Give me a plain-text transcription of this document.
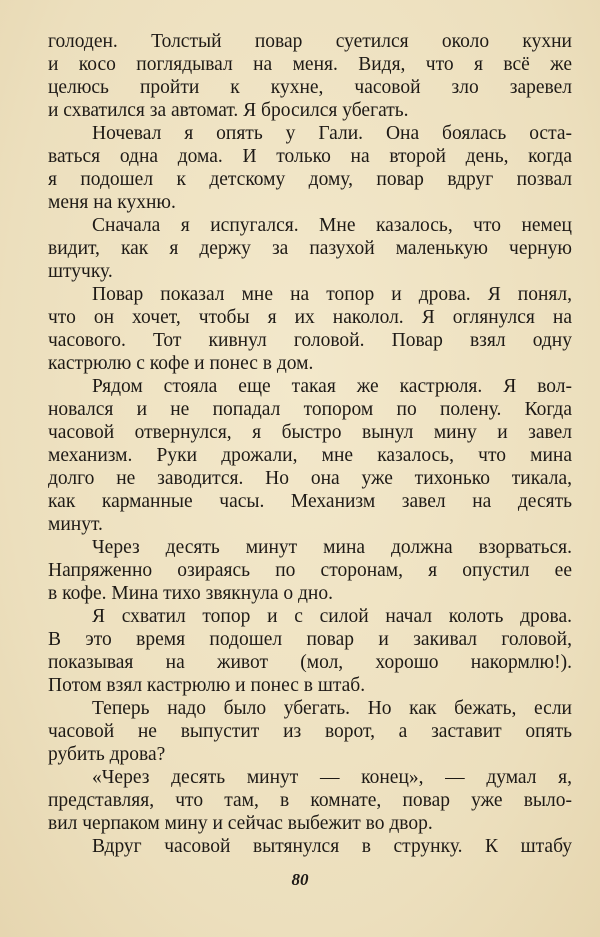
голоден. Толстый повар суетился около кухни
и косо поглядывал на меня. Видя, что я всё же
целюсь пройти к кухне, часовой зло заревел
и схватился за автомат. Я бросился убегать.
Ночевал я опять у Гали. Она боялась оста-
ваться одна дома. И только на второй день, когда
я подошел к детскому дому, повар вдруг позвал
меня на кухню.
Сначала я испугался. Мне казалось, что немец
видит, как я держу за пазухой маленькую черную
штучку.
Повар показал мне на топор и дрова. Я понял,
что он хочет, чтобы я их наколол. Я оглянулся на
часового. Тот кивнул головой. Повар взял одну
кастрюлю с кофе и понес в дом.
Рядом стояла еще такая же кастрюля. Я вол-
новался и не попадал топором по полену. Когда
часовой отвернулся, я быстро вынул мину и завел
механизм. Руки дрожали, мне казалось, что мина
долго не заводится. Но она уже тихонько тикала,
как карманные часы. Механизм завел на десять
минут.
Через десять минут мина должна взорваться.
Напряженно озираясь по сторонам, я опустил ее
в кофе. Мина тихо звякнула о дно.
Я схватил топор и с силой начал колоть дрова.
В это время подошел повар и закивал головой,
показывая на живот (мол, хорошо накормлю!).
Потом взял кастрюлю и понес в штаб.
Теперь надо было убегать. Но как бежать, если
часовой не выпустит из ворот, а заставит опять
рубить дрова?
«Через десять минут — конец», — думал я,
представляя, что там, в комнате, повар уже выло-
вил черпаком мину и сейчас выбежит во двор.
Вдруг часовой вытянулся в струнку. К штабу
80
